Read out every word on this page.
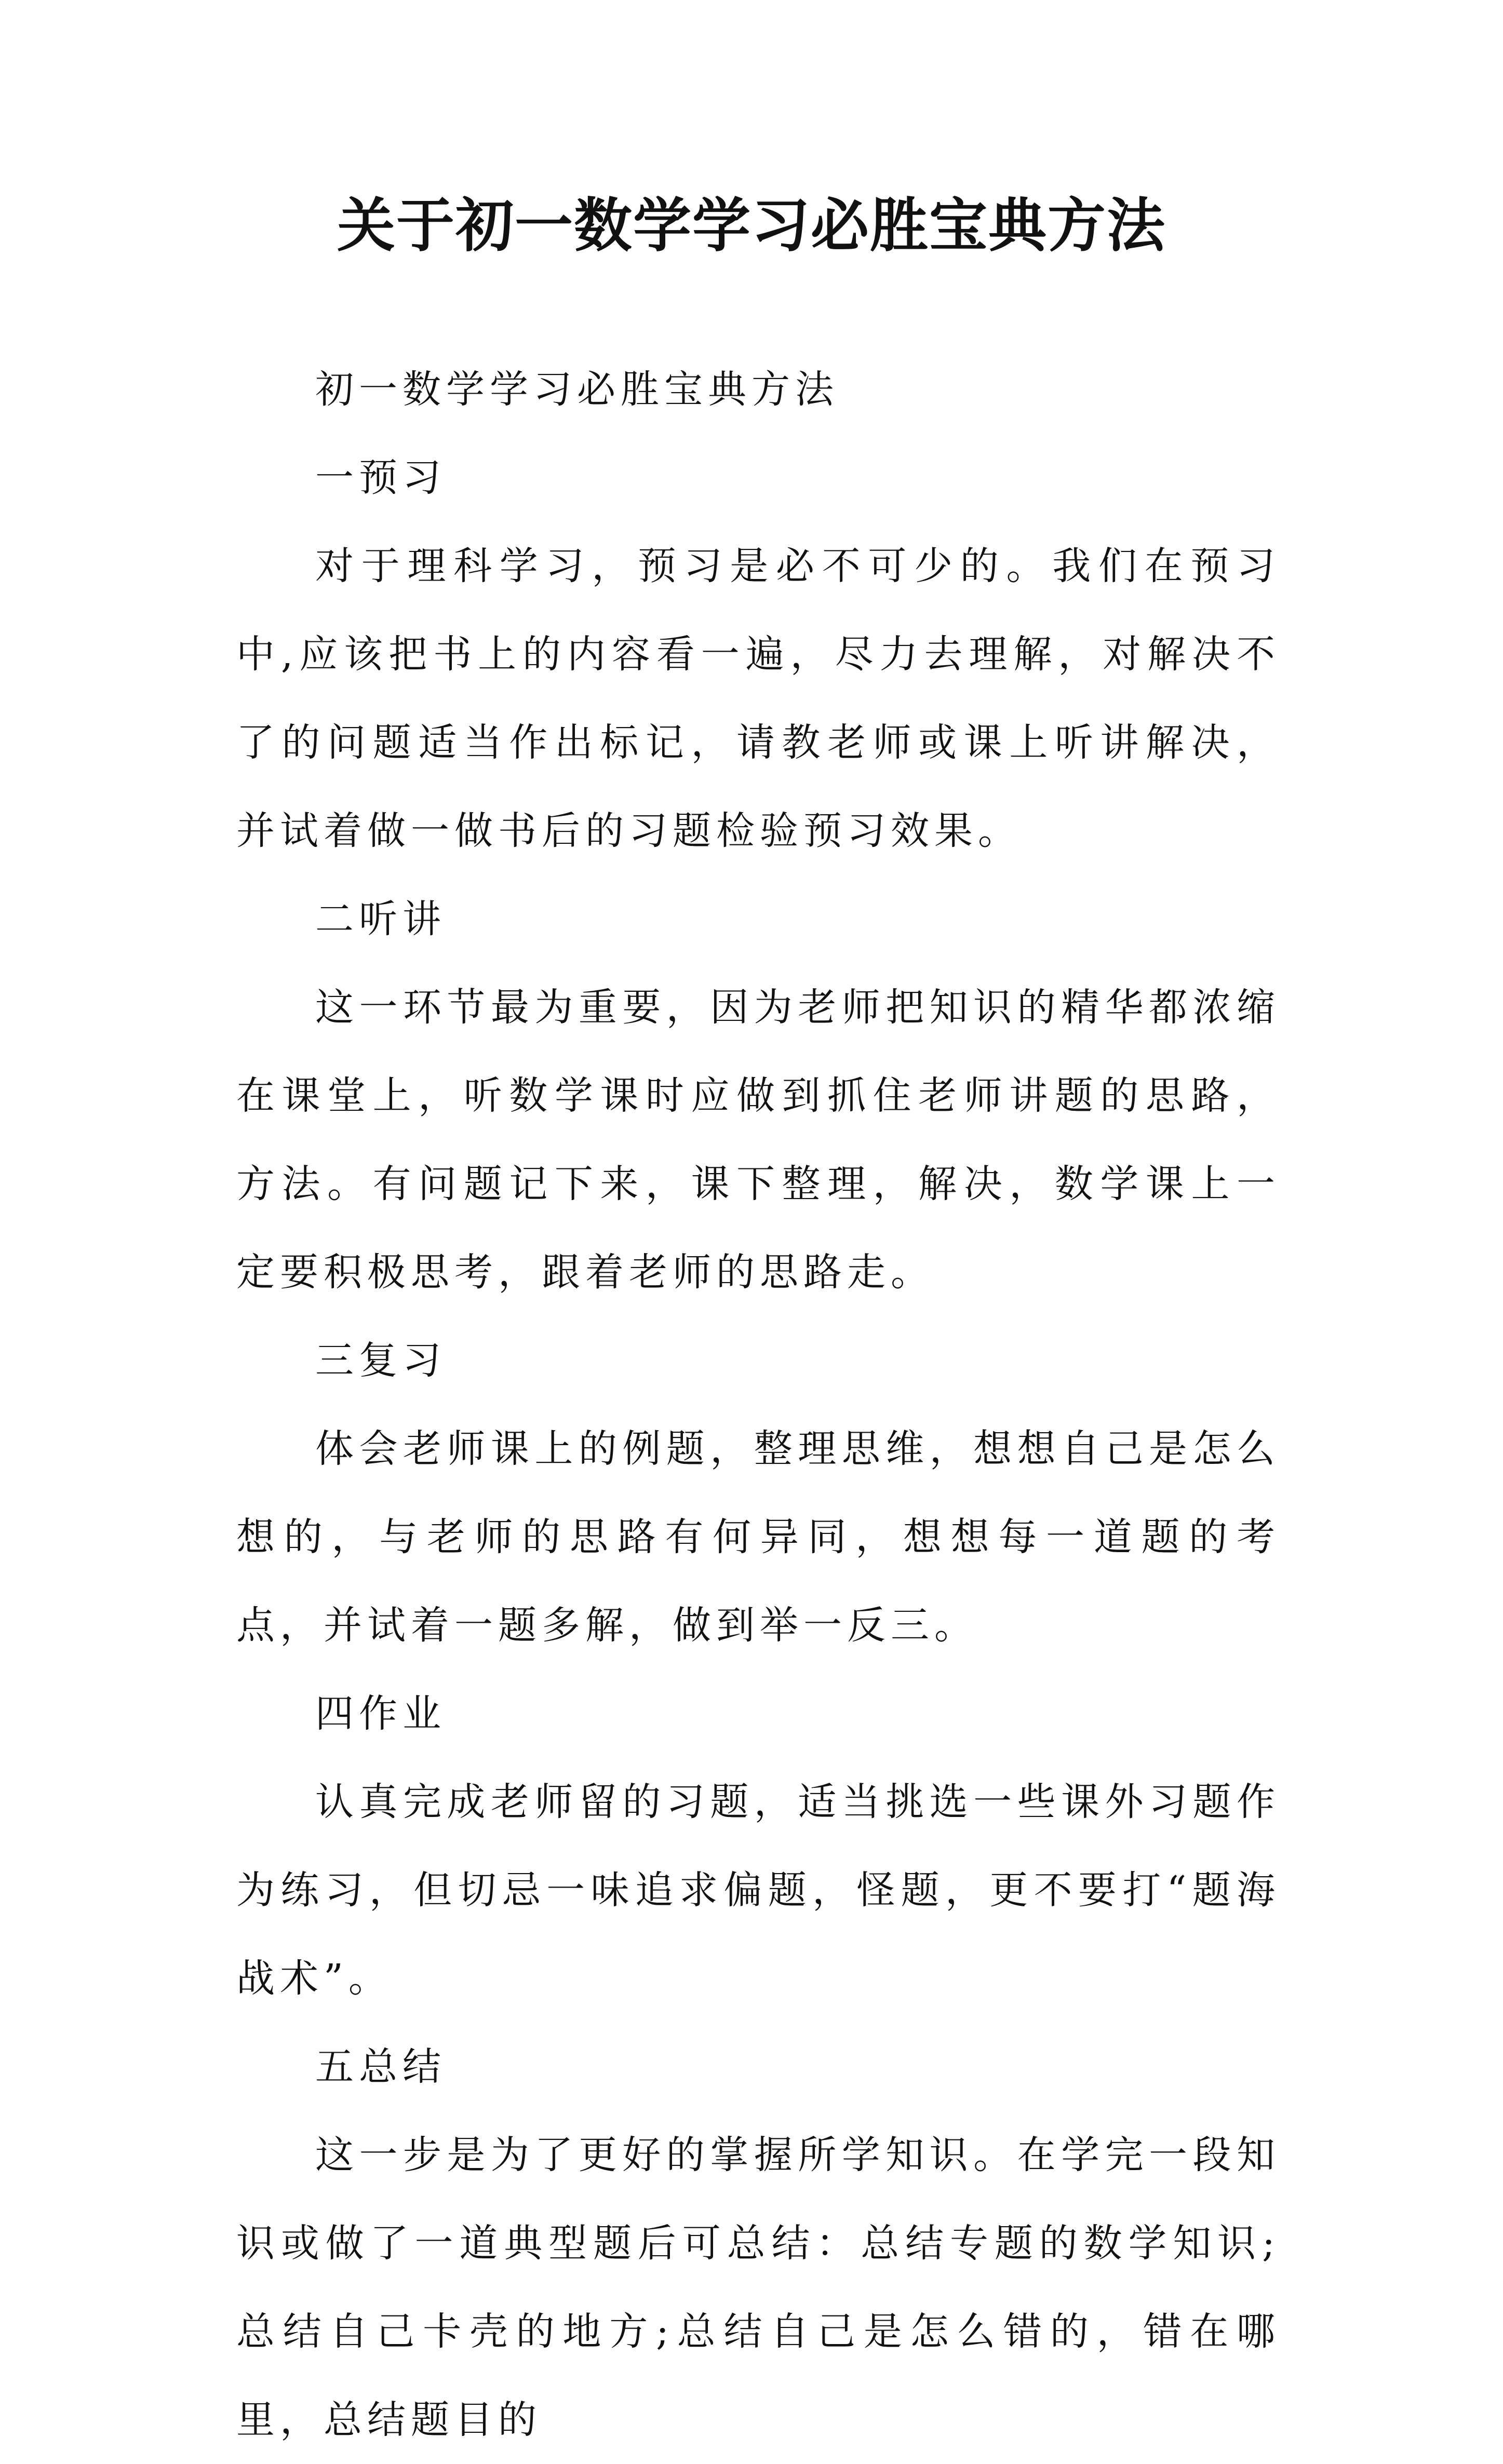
关于初一数学学习必胜宝典方法

初一数学学习必胜宝典方法

一预习

对于理科学习，预习是必不可少的。我们在预习中,应该把书上的内容看一遍，尽力去理解，对解决不了的问题适当作出标记，请教老师或课上听讲解决，并试着做一做书后的习题检验预习效果。

二听讲

这一环节最为重要，因为老师把知识的精华都浓缩在课堂上，听数学课时应做到抓住老师讲题的思路，方法。有问题记下来，课下整理，解决，数学课上一定要积极思考，跟着老师的思路走。

三复习

体会老师课上的例题，整理思维，想想自己是怎么想的，与老师的思路有何异同，想想每一道题的考点，并试着一题多解，做到举一反三。

四作业

认真完成老师留的习题，适当挑选一些课外习题作为练习，但切忌一味追求偏题，怪题，更不要打“题海战术”。

五总结

这一步是为了更好的掌握所学知识。在学完一段知识或做了一道典型题后可总结：总结专题的数学知识;总结自己卡壳的地方;总结自己是怎么错的，错在哪里，总结题目的
